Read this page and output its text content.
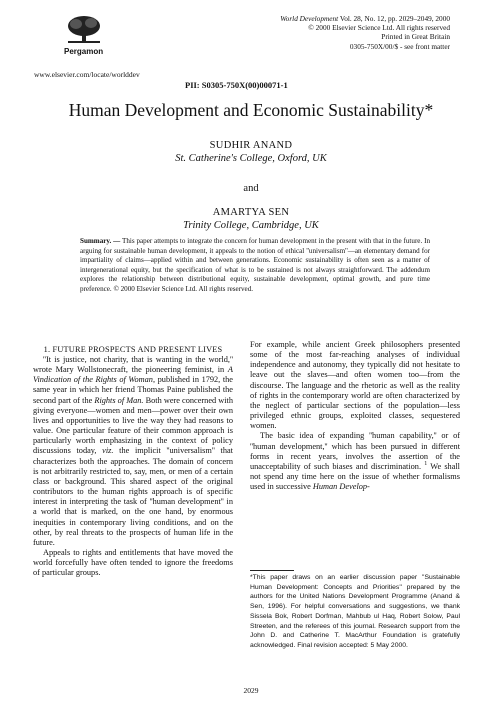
Pergamon
www.elsevier.com/locate/worlddev
World Development Vol. 28, No. 12, pp. 2029–2049, 2000
© 2000 Elsevier Science Ltd. All rights reserved
Printed in Great Britain
0305-750X/00/$ - see front matter
PII: S0305-750X(00)00071-1
Human Development and Economic Sustainability*
SUDHIR ANAND
St. Catherine's College, Oxford, UK
and
AMARTYA SEN
Trinity College, Cambridge, UK
Summary. — This paper attempts to integrate the concern for human development in the present with that in the future. In arguing for sustainable human development, it appeals to the notion of ethical ''universalism''—an elementary demand for impartiality of claims—applied within and between generations. Economic sustainability is often seen as a matter of intergenerational equity, but the specification of what is to be sustained is not always straightforward. The addendum explores the relationship between distributional equity, sustainable development, optimal growth, and pure time preference. © 2000 Elsevier Science Ltd. All rights reserved.

1. FUTURE PROSPECTS AND PRESENT LIVES

''It is justice, not charity, that is wanting in the world,'' wrote Mary Wollstonecraft, the pioneering feminist, in A Vindication of the Rights of Woman, published in 1792, the same year in which her friend Thomas Paine published the second part of the Rights of Man. Both were concerned with giving everyone—women and men—power over their own lives and opportunities to live the way they had reasons to value. One particular feature of their common approach is particularly worth emphasizing in the context of policy discussions today, viz. the implicit ''universalism'' that characterizes both the approaches. The domain of concern is not arbitrarily restricted to, say, men, or men of a certain class or background. This shared aspect of the original contributors to the human rights approach is of specific interest in interpreting the task of ''human development'' in a world that is marked, on the one hand, by enormous inequities in contemporary living conditions, and on the other, by real threats to the prospects of human life in the future.

Appeals to rights and entitlements that have moved the world forcefully have often tended to ignore the freedoms of particular groups.

For example, while ancient Greek philosophers presented some of the most far-reaching analyses of individual independence and autonomy, they typically did not hesitate to leave out the slaves—and often women too—from the discourse. The language and the rhetoric as well as the reality of rights in the contemporary world are often characterized by the neglect of particular sections of the population—less privileged ethnic groups, exploited classes, sequestered women.

The basic idea of expanding ''human capability,'' or of ''human development,'' which has been pursued in different forms in recent years, involves the assertion of the unacceptability of such biases and discrimination. $^1$ We shall not spend any time here on the issue of whether formalisms used in successive Human Develop-

*This paper draws on an earlier discussion paper ''Sustainable Human Development: Concepts and Priorities'' prepared by the authors for the United Nations Development Programme (Anand & Sen, 1996). For helpful conversations and suggestions, we thank Sissela Bok, Robert Dorfman, Mahbub ul Haq, Robert Solow, Paul Streeten, and the referees of this journal. Research support from the John D. and Catherine T. MacArthur Foundation is gratefully acknowledged. Final revision accepted: 5 May 2000.
2029
